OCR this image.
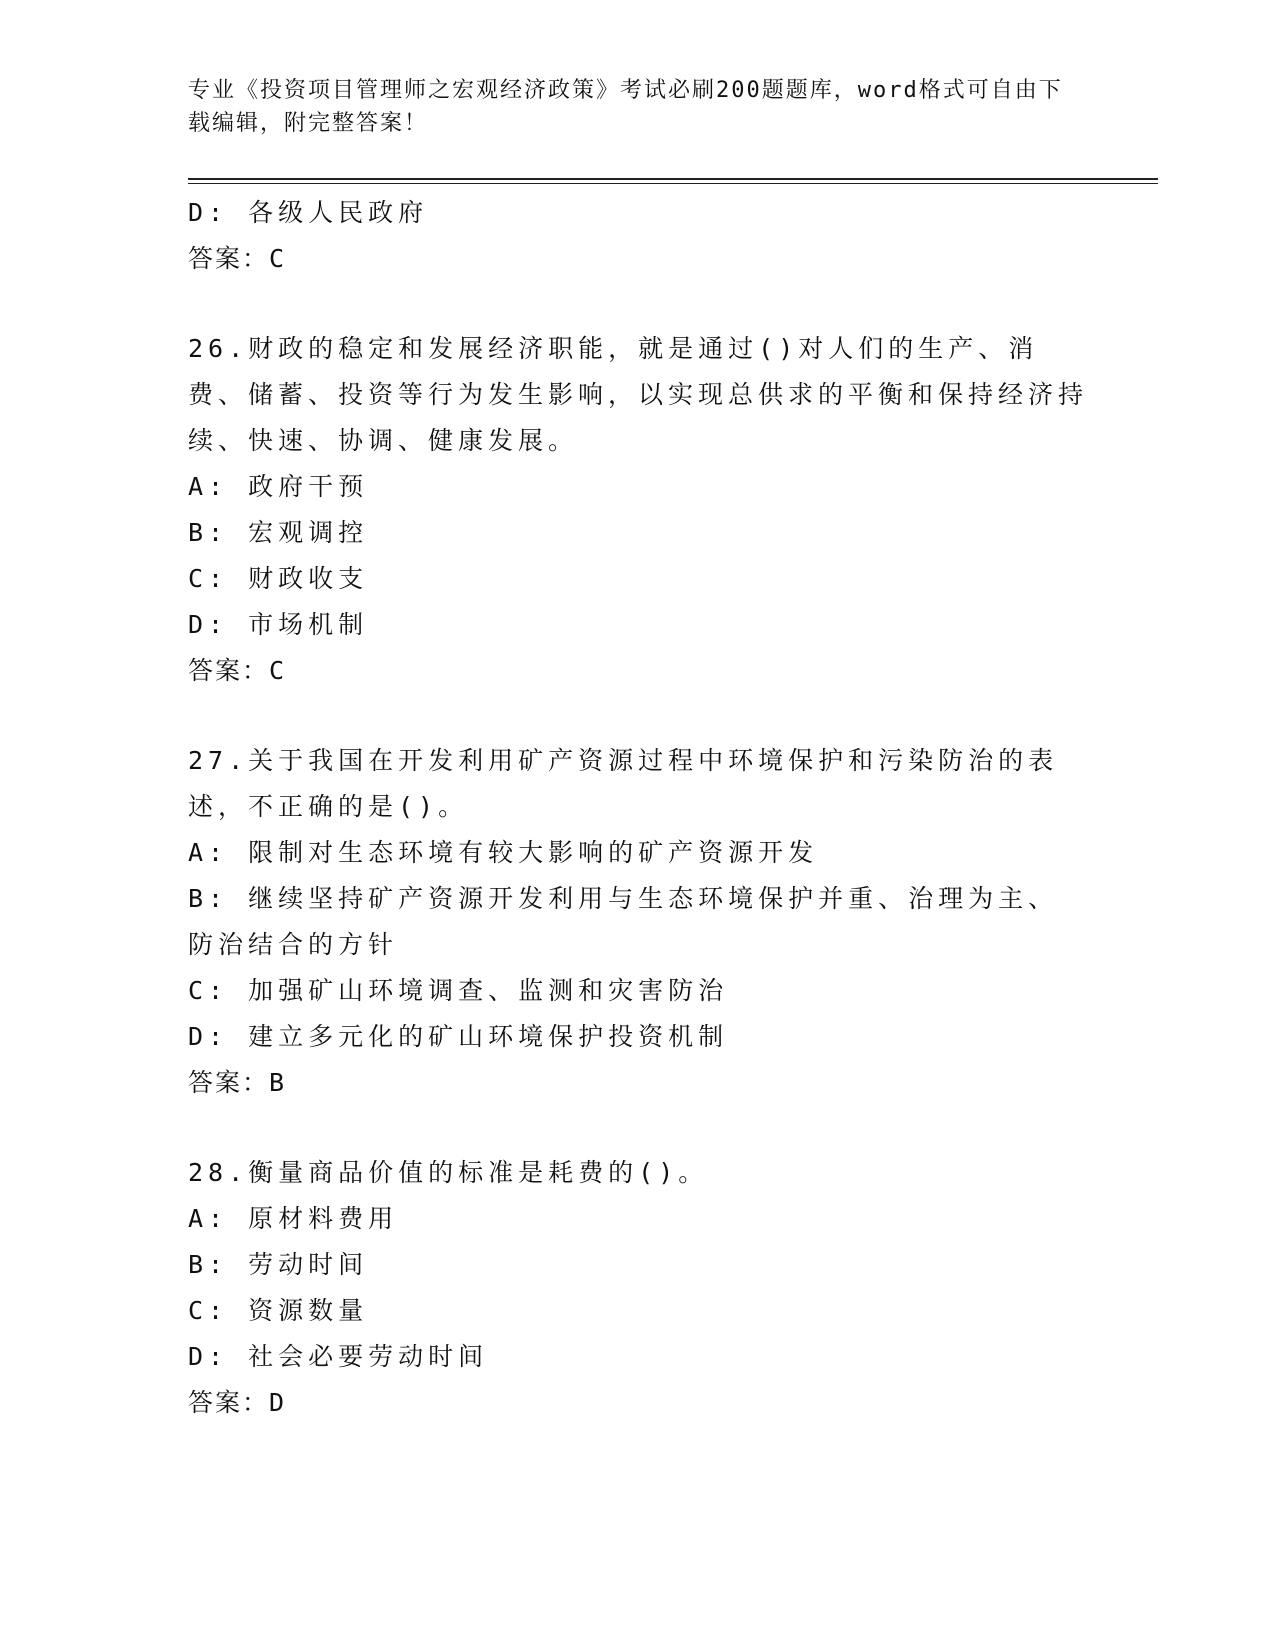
专业《投资项目管理师之宏观经济政策》考试必刷200题题库，word格式可自由下载编辑，附完整答案！

D: 各级人民政府

答案：C

26.财政的稳定和发展经济职能，就是通过()对人们的生产、消费、储蓄、投资等行为发生影响，以实现总供求的平衡和保持经济持续、快速、协调、健康发展。

A: 政府干预

B: 宏观调控

C: 财政收支

D: 市场机制

答案：C

27.关于我国在开发利用矿产资源过程中环境保护和污染防治的表述，不正确的是()。

A: 限制对生态环境有较大影响的矿产资源开发

B: 继续坚持矿产资源开发利用与生态环境保护并重、治理为主、防治结合的方针

C: 加强矿山环境调查、监测和灾害防治

D: 建立多元化的矿山环境保护投资机制

答案：B

28.衡量商品价值的标准是耗费的()。

A: 原材料费用

B: 劳动时间

C: 资源数量

D: 社会必要劳动时间

答案：D
